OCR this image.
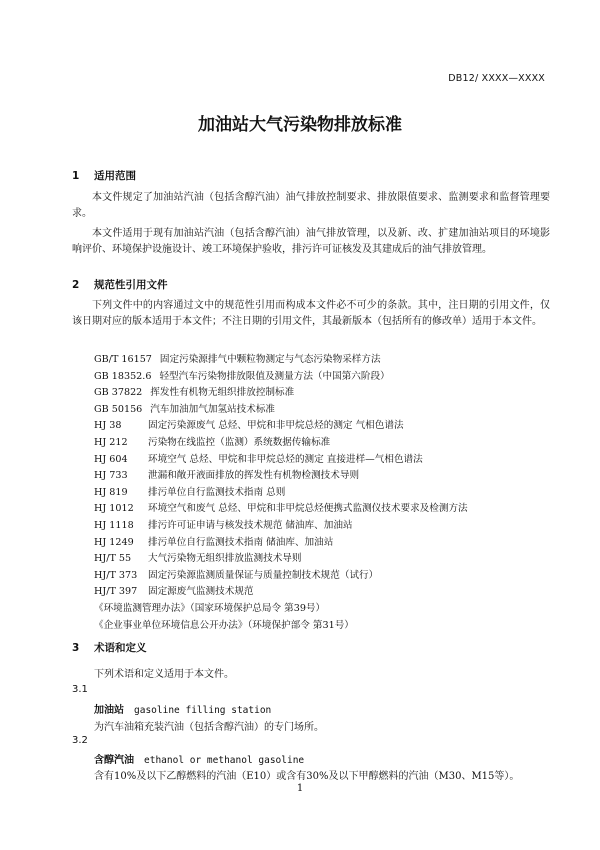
DB12/ XXXX—XXXX
加油站大气污染物排放标准
1 适用范围
本文件规定了加油站汽油（包括含醇汽油）油气排放控制要求、排放限值要求、监测要求和监督管理要求。
本文件适用于现有加油站汽油（包括含醇汽油）油气排放管理，以及新、改、扩建加油站项目的环境影响评价、环境保护设施设计、竣工环境保护验收，排污许可证核发及其建成后的油气排放管理。
2 规范性引用文件
下列文件中的内容通过文中的规范性引用而构成本文件必不可少的条款。其中，注日期的引用文件，仅该日期对应的版本适用于本文件；不注日期的引用文件，其最新版本（包括所有的修改单）适用于本文件。
GB/T 16157 固定污染源排气中颗粒物测定与气态污染物采样方法
GB 18352.6 轻型汽车污染物排放限值及测量方法（中国第六阶段）
GB 37822 挥发性有机物无组织排放控制标准
GB 50156 汽车加油加气加氢站技术标准
HJ 38	固定污染源废气 总烃、甲烷和非甲烷总烃的测定 气相色谱法
HJ 212 污染物在线监控（监测）系统数据传输标准
HJ 604 环境空气 总烃、甲烷和非甲烷总烃的测定 直接进样—气相色谱法
HJ 733 泄漏和敞开液面排放的挥发性有机物检测技术导则
HJ 819 排污单位自行监测技术指南 总则
HJ 1012 环境空气和废气 总烃、甲烷和非甲烷总烃便携式监测仪技术要求及检测方法
HJ 1118 排污许可证申请与核发技术规范 储油库、加油站
HJ 1249 排污单位自行监测技术指南 储油库、加油站
HJ/T 55 大气污染物无组织排放监测技术导则
HJ/T 373 固定污染源监测质量保证与质量控制技术规范（试行）
HJ/T 397 固定源废气监测技术规范
《环境监测管理办法》（国家环境保护总局令 第39号）
《企业事业单位环境信息公开办法》（环境保护部令 第31号）
3 术语和定义
下列术语和定义适用于本文件。
3.1
加油站 gasoline filling station
为汽车油箱充装汽油（包括含醇汽油）的专门场所。
3.2
含醇汽油 ethanol or methanol gasoline
含有10%及以下乙醇燃料的汽油（E10）或含有30%及以下甲醇燃料的汽油（M30、M15等）。
1
